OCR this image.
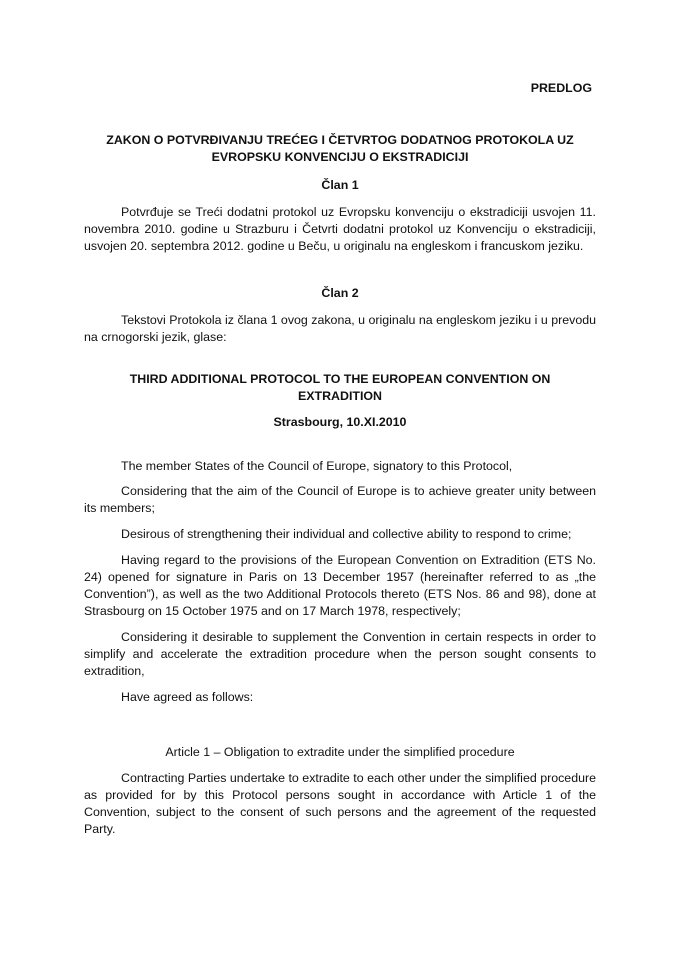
PREDLOG
ZAKON O POTVRĐIVANJU TREĆEG I ČETVRTOG DODATNOG PROTOKOLA UZ
EVROPSKU KONVENCIJU O EKSTRADICIJI
Član 1
Potvrđuje se Treći dodatni protokol uz Evropsku konvenciju o ekstradiciji usvojen 11. novembra 2010. godine u Strazburu i Četvrti dodatni protokol uz Konvenciju o ekstradiciji, usvojen 20. septembra 2012. godine u Beču, u originalu na engleskom i francuskom jeziku.
Član 2
Tekstovi Protokola iz člana 1 ovog zakona, u originalu na engleskom jeziku i u prevodu na crnogorski jezik, glase:
THIRD ADDITIONAL PROTOCOL TO THE EUROPEAN CONVENTION ON
EXTRADITION
Strasbourg, 10.XI.2010
The member States of the Council of Europe, signatory to this Protocol,
Considering that the aim of the Council of Europe is to achieve greater unity between its members;
Desirous of strengthening their individual and collective ability to respond to crime;
Having regard to the provisions of the European Convention on Extradition (ETS No. 24) opened for signature in Paris on 13 December 1957 (hereinafter referred to as „the Convention”), as well as the two Additional Protocols thereto (ETS Nos. 86 and 98), done at Strasbourg on 15 October 1975 and on 17 March 1978, respectively;
Considering it desirable to supplement the Convention in certain respects in order to simplify and accelerate the extradition procedure when the person sought consents to extradition,
Have agreed as follows:
Article 1 – Obligation to extradite under the simplified procedure
Contracting Parties undertake to extradite to each other under the simplified procedure as provided for by this Protocol persons sought in accordance with Article 1 of the Convention, subject to the consent of such persons and the agreement of the requested Party.
